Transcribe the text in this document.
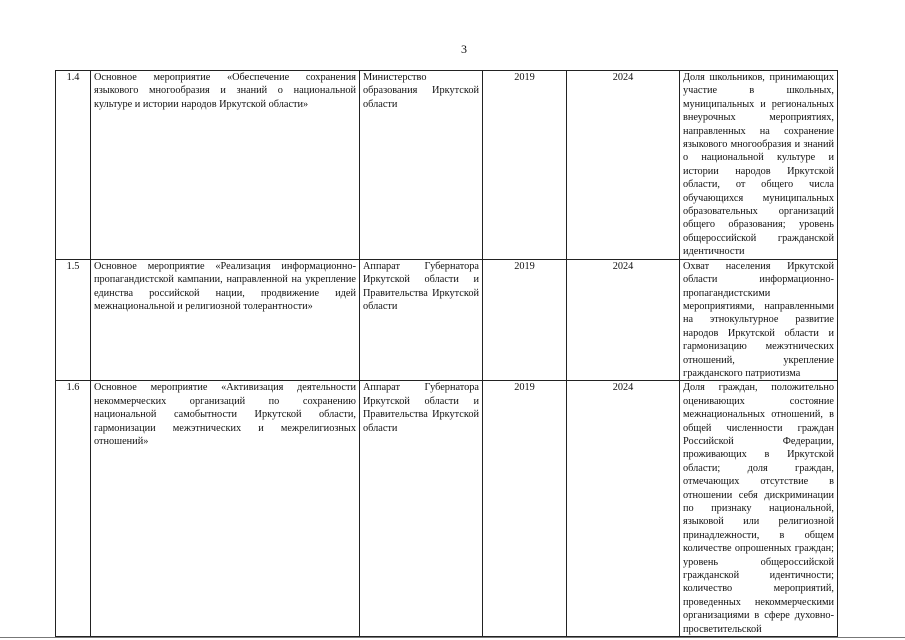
3
1.4	Основное мероприятие «Обеспечение сохранения языкового многообразия и знаний о национальной культуре и истории народов Иркутской области»	Министерство образования Иркутской области	2019	2024	Доля школьников, принимающих участие в школьных, муниципальных и региональных внеурочных мероприятиях, направленных на сохранение языкового многообразия и знаний о национальной культуре и истории народов Иркутской области, от общего числа обучающихся муниципальных образовательных организаций общего образования; уровень общероссийской гражданской идентичности
1.5	Основное мероприятие «Реализация информационно-пропагандистской кампании, направленной на укрепление единства российской нации, продвижение идей межнациональной и религиозной толерантности»	Аппарат Губернатора Иркутской области и Правительства Иркутской области	2019	2024	Охват населения Иркутской области информационно-пропагандистскими мероприятиями, направленными на этнокультурное развитие народов Иркутской области и гармонизацию межэтнических отношений, укрепление гражданского патриотизма
1.6	Основное мероприятие «Активизация деятельности некоммерческих организаций по сохранению национальной самобытности Иркутской области, гармонизации межэтнических и межрелигиозных отношений»	Аппарат Губернатора Иркутской области и Правительства Иркутской области	2019	2024	Доля граждан, положительно оценивающих состояние межнациональных отношений, в общей численности граждан Российской Федерации, проживающих в Иркутской области; доля граждан, отмечающих отсутствие в отношении себя дискриминации по признаку национальной, языковой или религиозной принадлежности, в общем количестве опрошенных граждан; уровень общероссийской гражданской идентичности; количество мероприятий, проведенных некоммерческими организациями в сфере духовно-просветительской
